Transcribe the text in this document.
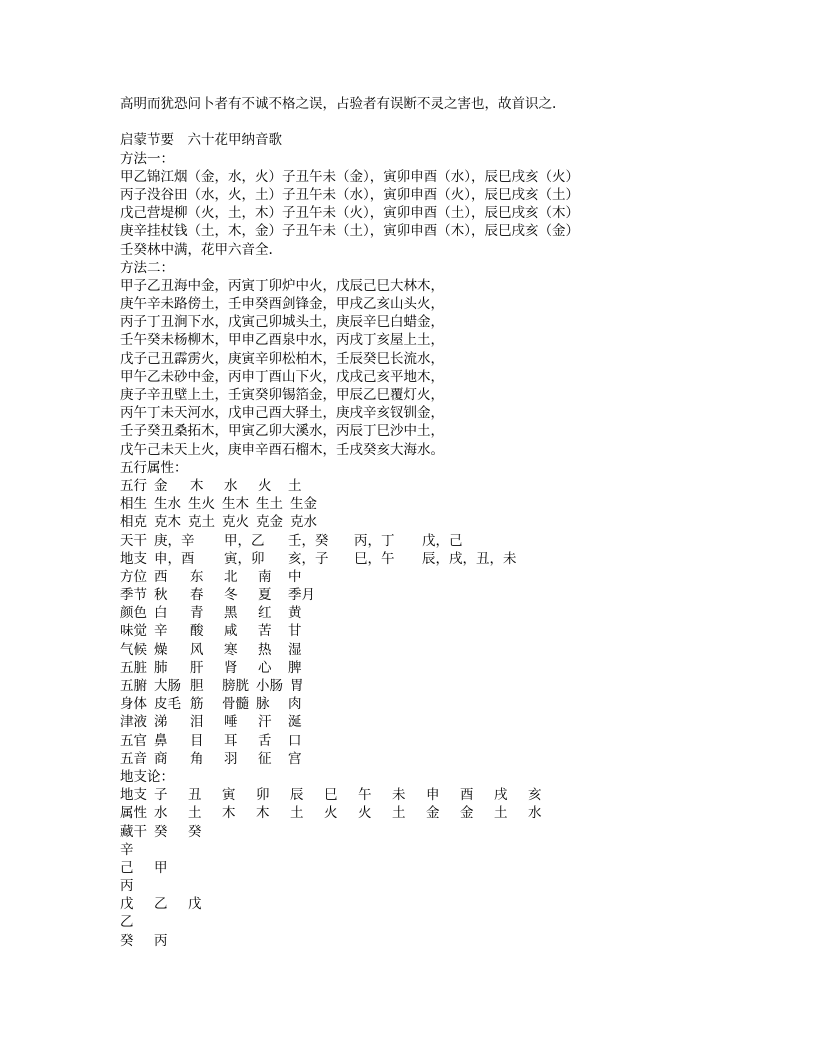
高明而犹恐问卜者有不诚不格之误，占验者有误断不灵之害也，故首识之.
启蒙节要　六十花甲纳音歌
方法一：
甲乙锦江烟（金，水，火）子丑午未（金），寅卯申酉（水），辰巳戌亥（火）
丙子没谷田（水，火，土）子丑午未（水），寅卯申酉（火），辰巳戌亥（土）
戊己营堤柳（火，土，木）子丑午未（火），寅卯申酉（土），辰巳戌亥（木）
庚辛挂杖钱（土，木，金）子丑午未（土），寅卯申酉（木），辰巳戌亥（金）
壬癸林中满，花甲六音全.
方法二：
甲子乙丑海中金，丙寅丁卯炉中火，戊辰己巳大林木，
庚午辛未路傍土，壬申癸酉剑锋金，甲戌乙亥山头火，
丙子丁丑涧下水，戊寅己卯城头土，庚辰辛巳白蜡金，
壬午癸未杨柳木，甲申乙酉泉中水，丙戌丁亥屋上土，
戊子己丑霹雳火，庚寅辛卯松柏木，壬辰癸巳长流水，
甲午乙未砂中金，丙申丁酉山下火，戊戌己亥平地木，
庚子辛丑壁上土，壬寅癸卯锡箔金，甲辰乙巳覆灯火，
丙午丁未天河水，戊申己酉大驿土，庚戌辛亥钗钏金，
壬子癸丑桑拓木，甲寅乙卯大溪水，丙辰丁巳沙中土，
戊午己未天上火，庚申辛酉石榴木，壬戌癸亥大海水。
五行属性：
五行 金 木 水 火 土
相生 生水 生火 生木 生土 生金
相克 克木 克土 克火 克金 克水
天干 庚，辛 甲，乙 壬，癸 丙，丁 戊，己
地支 申，酉 寅，卯 亥，子 巳，午 辰，戌，丑，未
方位 西 东 北 南 中
季节 秋 春 冬 夏 季月
颜色 白 青 黑 红 黄
味觉 辛 酸 咸 苦 甘
气候 燥 风 寒 热 湿
五脏 肺 肝 肾 心 脾
五腑 大肠 胆 膀胱 小肠 胃
身体 皮毛 筋 骨髓 脉 肉
津液 涕 泪 唾 汗 涎
五官 鼻 目 耳 舌 口
五音 商 角 羽 征 宫
地支论：
地支 子 丑 寅 卯 辰 巳 午 未 申 酉 戌 亥
属性 水 土 木 木 土 火 火 土 金 金 土 水
藏干 癸 癸
辛
己 甲
丙
戊 乙 戊
乙
癸 丙
